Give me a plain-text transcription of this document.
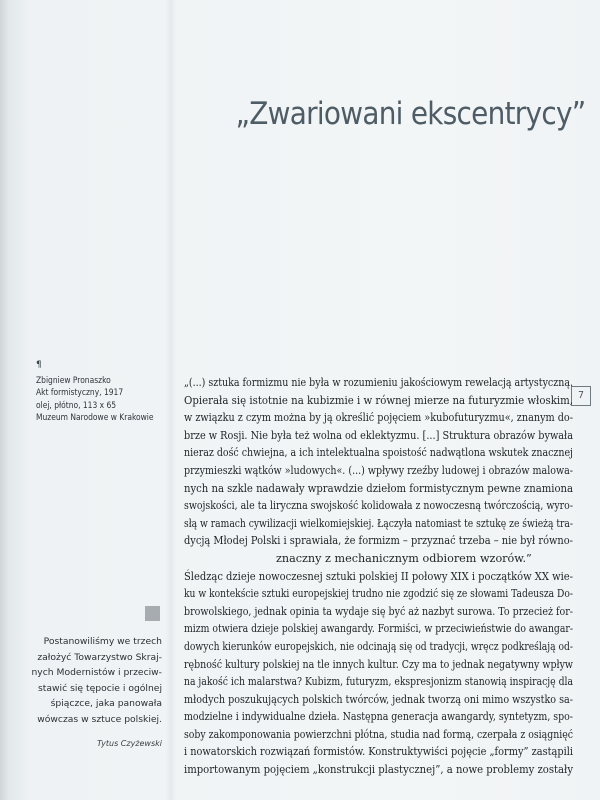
„Zwariowani ekscentrycy”
¶
Zbigniew Pronaszko
Akt formistyczny, 1917
olej, płótno, 113 x 65
Muzeum Narodowe w Krakowie
7
Postanowiliśmy we trzech
założyć Towarzystwo Skraj-
nych Modernistów i przeciw-
stawić się tępocie i ogólnej
śpiączce, jaka panowała
wówczas w sztuce polskiej.
Tytus Czyżewski
„(...) sztuka formizmu nie była w rozumieniu jakościowym rewelacją artystyczną.
Opierała się istotnie na kubizmie i w równej mierze na futuryzmie włoskim,
w związku z czym można by ją określić pojęciem »kubofuturyzmu«, znanym do-
brze w Rosji. Nie była też wolna od eklektyzmu. [...] Struktura obrazów bywała
nieraz dość chwiejna, a ich intelektualna spoistość nadwątlona wskutek znacznej
przymieszki wątków »ludowych«. (...) wpływy rzeźby ludowej i obrazów malowa-
nych na szkle nadawały wprawdzie dziełom formistycznym pewne znamiona
swojskości, ale ta liryczna swojskość kolidowała z nowoczesną twórczością, wyro-
słą w ramach cywilizacji wielkomiejskiej. Łączyła natomiast te sztukę ze świeżą tra-
dycją Młodej Polski i sprawiała, że formizm – przyznać trzeba – nie był równo-
znaczny z mechanicznym odbiorem wzorów.”
Śledząc dzieje nowoczesnej sztuki polskiej II połowy XIX i początków XX wie-
ku w kontekście sztuki europejskiej trudno nie zgodzić się ze słowami Tadeusza Do-
browolskiego, jednak opinia ta wydaje się być aż nazbyt surowa. To przecież for-
mizm otwiera dzieje polskiej awangardy. Formiści, w przeciwieństwie do awangar-
dowych kierunków europejskich, nie odcinają się od tradycji, wręcz podkreślają od-
rębność kultury polskiej na tle innych kultur. Czy ma to jednak negatywny wpływ
na jakość ich malarstwa? Kubizm, futuryzm, ekspresjonizm stanowią inspirację dla
młodych poszukujących polskich twórców, jednak tworzą oni mimo wszystko sa-
modzielne i indywidualne dzieła. Następna generacja awangardy, syntetyzm, spo-
soby zakomponowania powierzchni płótna, studia nad formą, czerpała z osiągnięć
i nowatorskich rozwiązań formistów. Konstruktywiści pojęcie „formy” zastąpili
importowanym pojęciem „konstrukcji plastycznej”, a nowe problemy zostały
